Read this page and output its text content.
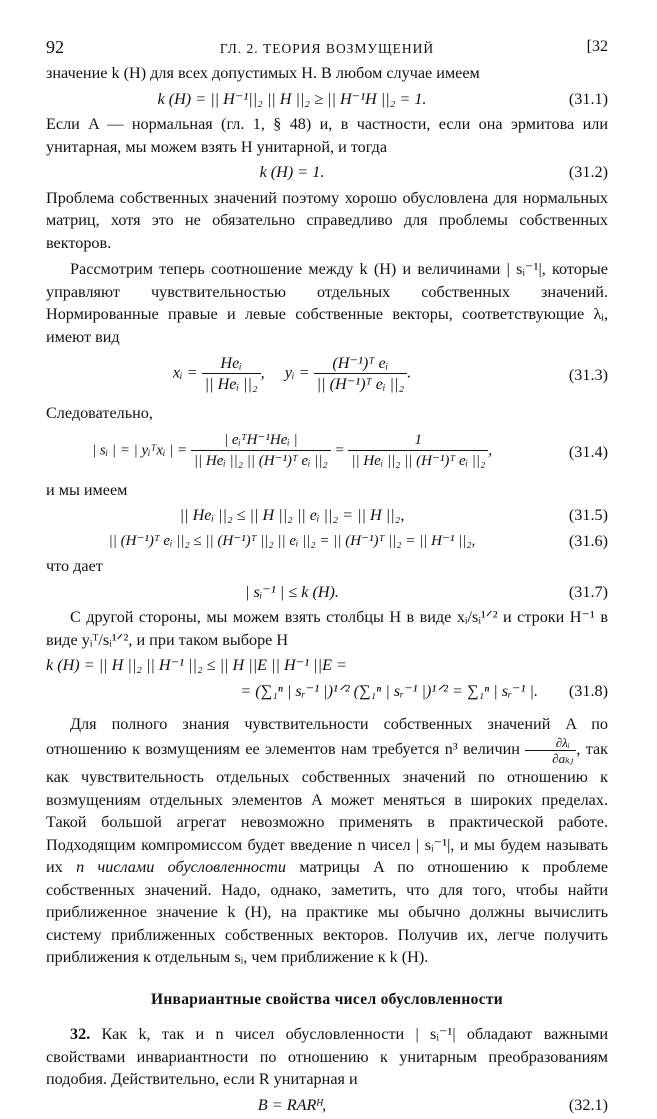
92	ГЛ. 2. ТЕОРИЯ ВОЗМУЩЕНИЙ	[32

значение k (H) для всех допустимых H. В любом случае имеем

k (H) = || H⁻¹||₂ || H ||₂ ≥ || H⁻¹H ||₂ = 1.	(31.1)

Если A — нормальная (гл. 1, § 48) и, в частности, если она эрмитова или унитарная, мы можем взять H унитарной, и тогда

k (H) = 1.	(31.2)

Проблема собственных значений поэтому хорошо обусловлена для нормальных матриц, хотя это не обязательно справедливо для проблемы собственных векторов.

Рассмотрим теперь соотношение между k (H) и величинами | sᵢ⁻¹|, которые управляют чувствительностью отдельных собственных значений. Нормированные правые и левые собственные векторы, соответствующие λᵢ, имеют вид

xᵢ = $\frac{\text{Heᵢ}}{\text{|| Heᵢ ||₂}}$ ,     yᵢ = $\frac{\text{(H⁻¹)ᵀ eᵢ}}{\text{|| (H⁻¹)ᵀ eᵢ ||₂}}$ .	(31.3)

Следовательно,

| sᵢ | = | yᵢᵀxᵢ | = $\frac{\text{| eᵢᵀH⁻¹Heᵢ |}}{\text{|| Heᵢ ||₂ || (H⁻¹)ᵀ eᵢ ||₂}} = \frac{1}{\text{|| Heᵢ ||₂ || (H⁻¹)ᵀ eᵢ ||₂}}$ ,	(31.4)

и мы имеем

|| Heᵢ ||₂ ≤ || H ||₂ || eᵢ ||₂ = || H ||₂,	(31.5)
|| (H⁻¹)ᵀ eᵢ ||₂ ≤ || (H⁻¹)ᵀ ||₂ || eᵢ ||₂ = || (H⁻¹)ᵀ ||₂ = || H⁻¹ ||₂,	(31.6)

что дает

| sᵢ⁻¹ | ≤ k (H).	(31.7)

С другой стороны, мы можем взять столбцы H в виде xᵢ/sᵢ¹ᐟ² и строки H⁻¹ в виде yᵢᵀ/sᵢ¹ᐟ², и при таком выборе H

k (H) = || H ||₂ || H⁻¹ ||₂ ≤ || H ||E || H⁻¹ ||E =
= (∑₁ⁿ | sᵣ⁻¹ |)¹ᐟ² (∑₁ⁿ | sᵣ⁻¹ |)¹ᐟ² = ∑₁ⁿ | sᵣ⁻¹ |. (31.8)

Для полного знания чувствительности собственных значений A по отношению к возмущениям ее элементов нам требуется n³ величин $\frac{\text{∂λᵢ}}{\text{∂aₖⱼ}}$ , так как чувствительность отдельных собственных значений по отношению к возмущениям отдельных элементов A может меняться в широких пределах. Такой большой агрегат невозможно применять в практической работе. Подходящим компромиссом будет введение n чисел | sᵢ⁻¹|, и мы будем называть их n числами обусловленности матрицы A по отношению к проблеме собственных значений. Надо, однако, заметить, что для того, чтобы найти приближенное значение k (H), на практике мы обычно должны вычислить систему приближенных собственных векторов. Получив их, легче получить приближения к отдельным sᵢ, чем приближение к k (H).

Инвариантные свойства чисел обусловленности

32. Как k, так и n чисел обусловленности | sᵢ⁻¹| обладают важными свойствами инвариантности по отношению к унитарным преобразованиям подобия. Действительно, если R унитарная и

B = RARᴴ,	(32.1)
